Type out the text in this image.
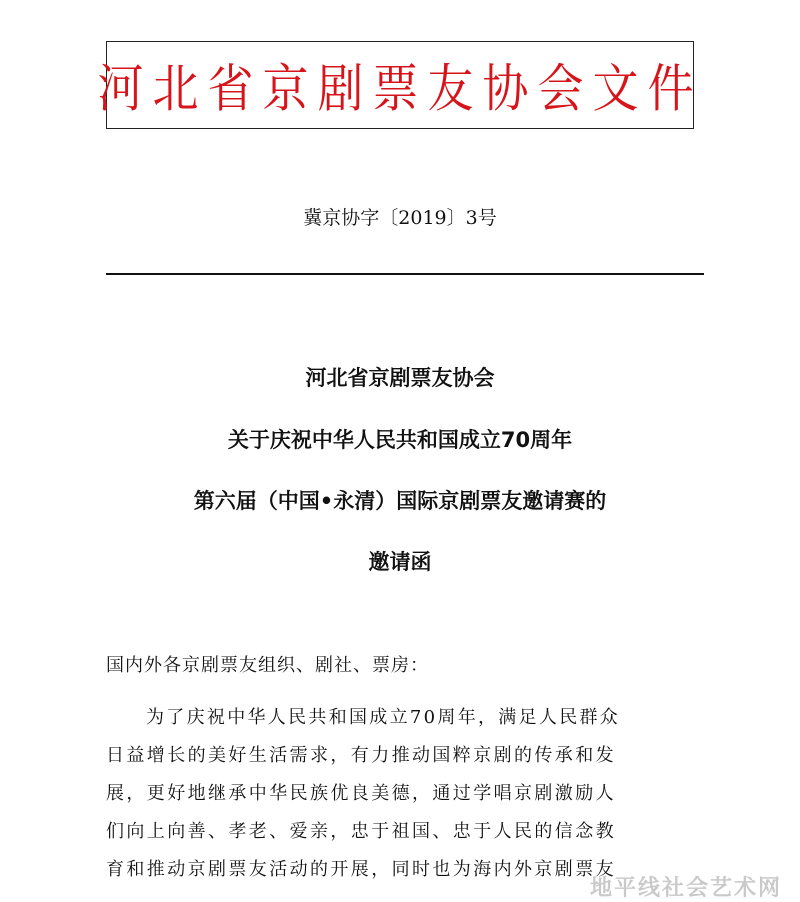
河北省京剧票友协会文件
冀京协字〔2019〕3号
河北省京剧票友协会
关于庆祝中华人民共和国成立70周年
第六届（中国•永清）国际京剧票友邀请赛的
邀请函
国内外各京剧票友组织、剧社、票房：
为了庆祝中华人民共和国成立70周年，满足人民群众
日益增长的美好生活需求，有力推动国粹京剧的传承和发
展，更好地继承中华民族优良美德，通过学唱京剧激励人
们向上向善、孝老、爱亲，忠于祖国、忠于人民的信念教
育和推动京剧票友活动的开展，同时也为海内外京剧票友
地平线社会艺术网
